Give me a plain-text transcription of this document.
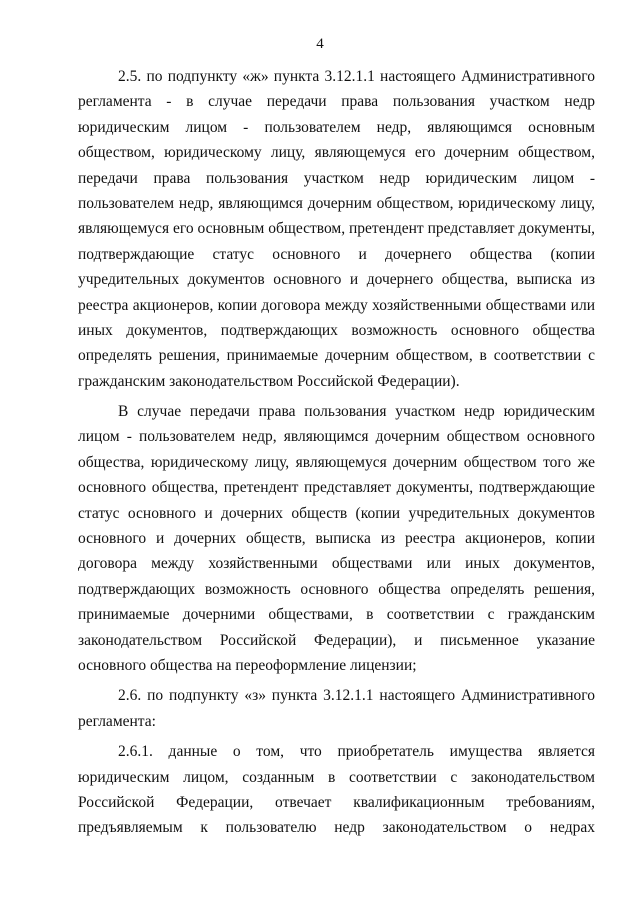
4
2.5. по подпункту «ж» пункта 3.12.1.1 настоящего Административного
регламента - в случае передачи права пользования участком недр
юридическим лицом - пользователем недр, являющимся основным
обществом, юридическому лицу, являющемуся его дочерним обществом,
передачи права пользования участком недр юридическим лицом -
пользователем недр, являющимся дочерним обществом, юридическому лицу,
являющемуся его основным обществом, претендент представляет документы,
подтверждающие статус основного и дочернего общества (копии
учредительных документов основного и дочернего общества, выписка из
реестра акционеров, копии договора между хозяйственными обществами или
иных документов, подтверждающих возможность основного общества
определять решения, принимаемые дочерним обществом, в соответствии с
гражданским законодательством Российской Федерации).
В случае передачи права пользования участком недр юридическим
лицом - пользователем недр, являющимся дочерним обществом основного
общества, юридическому лицу, являющемуся дочерним обществом того же
основного общества, претендент представляет документы, подтверждающие
статус основного и дочерних обществ (копии учредительных документов
основного и дочерних обществ, выписка из реестра акционеров, копии
договора между хозяйственными обществами или иных документов,
подтверждающих возможность основного общества определять решения,
принимаемые дочерними обществами, в соответствии с гражданским
законодательством Российской Федерации), и письменное указание
основного общества на переоформление лицензии;
2.6. по подпункту «з» пункта 3.12.1.1 настоящего Административного
регламента:
2.6.1. данные о том, что приобретатель имущества является
юридическим лицом, созданным в соответствии с законодательством
Российской Федерации, отвечает квалификационным требованиям,
предъявляемым к пользователю недр законодательством о недрах
